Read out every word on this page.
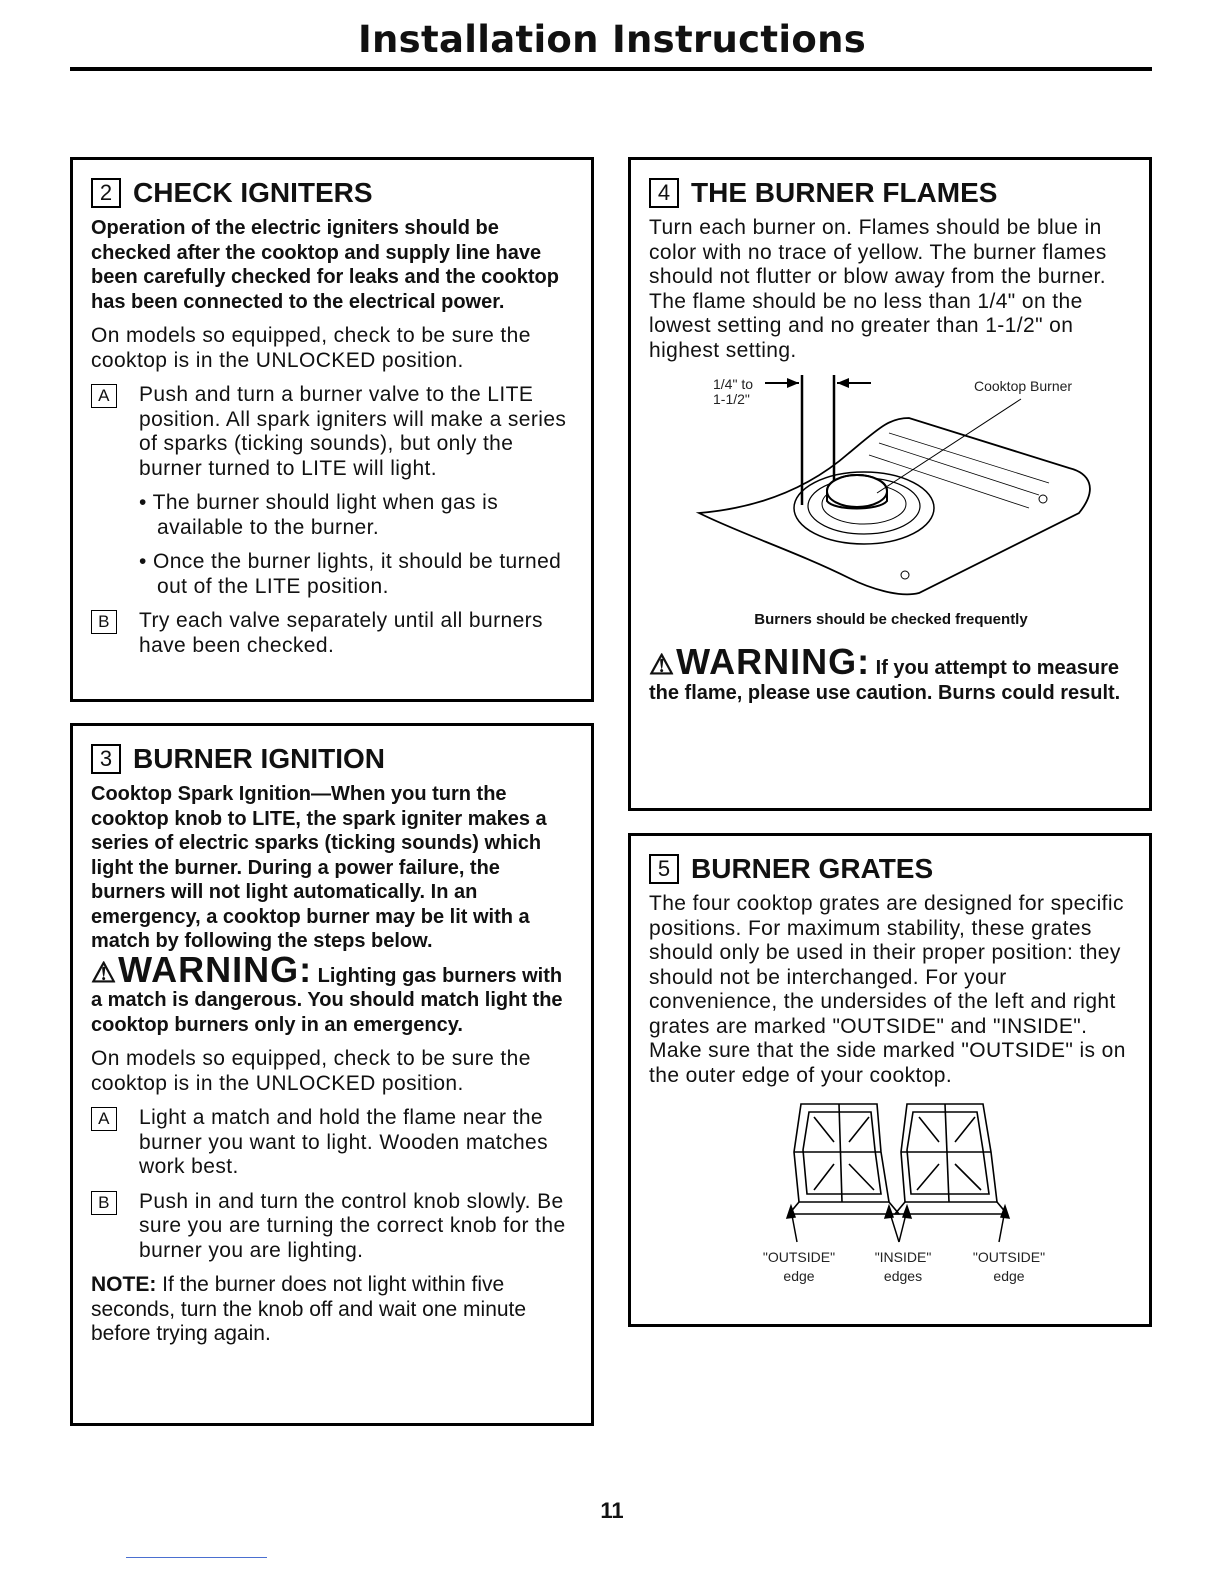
Installation Instructions
2 CHECK IGNITERS

Operation of the electric igniters should be checked after the cooktop and supply line have been carefully checked for leaks and the cooktop has been connected to the electrical power.

On models so equipped, check to be sure the cooktop is in the UNLOCKED position.

A	Push and turn a burner valve to the LITE position. All spark igniters will make a series of sparks (ticking sounds), but only the burner turned to LITE will light.
• The burner should light when gas is available to the burner.
• Once the burner lights, it should be turned out of the LITE position.
B	Try each valve separately until all burners have been checked.
3 BURNER IGNITION

Cooktop Spark Ignition—When you turn the cooktop knob to LITE, the spark igniter makes a series of electric sparks (ticking sounds) which light the burner. During a power failure, the burners will not light automatically. In an emergency, a cooktop burner may be lit with a match by following the steps below.

⚠WARNING: Lighting gas burners with a match is dangerous. You should match light the cooktop burners only in an emergency.

On models so equipped, check to be sure the cooktop is in the UNLOCKED position.

A	Light a match and hold the flame near the burner you want to light. Wooden matches work best.
B	Push in and turn the control knob slowly. Be sure you are turning the correct knob for the burner you are lighting.

NOTE: If the burner does not light within five seconds, turn the knob off and wait one minute before trying again.

4 THE BURNER FLAMES

Turn each burner on. Flames should be blue in color with no trace of yellow. The burner flames should not flutter or blow away from the burner. The flame should be no less than 1/4" on the lowest setting and no greater than 1-1/2" on highest setting.

1/4" to
1-1/2"
Cooktop Burner

Burners should be checked frequently

⚠WARNING: If you attempt to measure the flame, please use caution. Burns could result.

5 BURNER GRATES

The four cooktop grates are designed for specific positions. For maximum stability, these grates should only be used in their proper position: they should not be interchanged. For your convenience, the undersides of the left and right grates are marked "OUTSIDE" and "INSIDE". Make sure that the side marked "OUTSIDE" is on the outer edge of your cooktop.

"OUTSIDE"
edge
"INSIDE"
edges
"OUTSIDE"
edge
11
